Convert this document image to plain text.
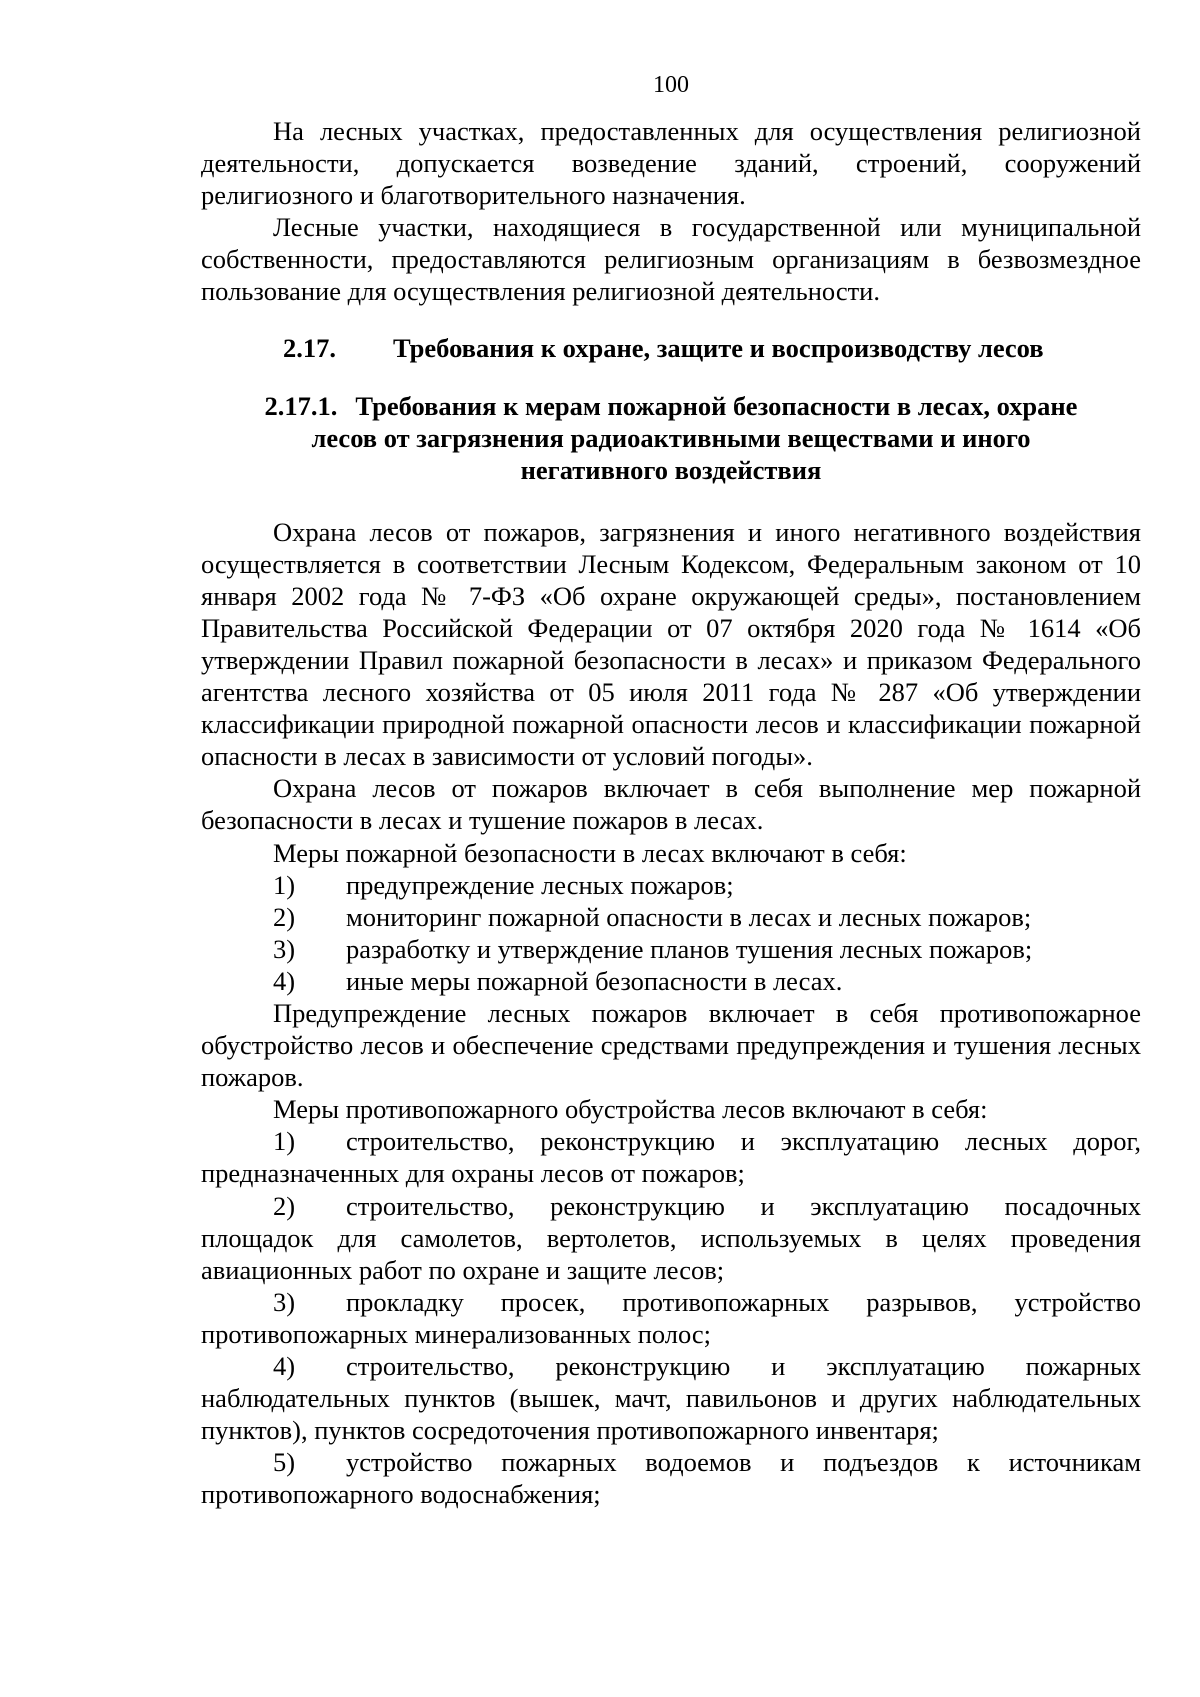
100

На лесных участках, предоставленных для осуществления религиозной деятельности, допускается возведение зданий, строений, сооружений религиозного и благотворительного назначения.

Лесные участки, находящиеся в государственной или муниципальной собственности, предоставляются религиозным организациям в безвозмездное пользование для осуществления религиозной деятельности.

2.17.	Требования к охране, защите и воспроизводству лесов
2.17.1. Требования к мерам пожарной безопасности в лесах, охране
лесов от загрязнения радиоактивными веществами и иного
негативного воздействия

Охрана лесов от пожаров, загрязнения и иного негативного воздействия осуществляется в соответствии Лесным Кодексом, Федеральным законом от 10 января 2002 года № 7-ФЗ «Об охране окружающей среды», постановлением Правительства Российской Федерации от 07 октября 2020 года № 1614 «Об утверждении Правил пожарной безопасности в лесах» и приказом Федерального агентства лесного хозяйства от 05 июля 2011 года № 287 «Об утверждении классификации природной пожарной опасности лесов и классификации пожарной опасности в лесах в зависимости от условий погоды».

Охрана лесов от пожаров включает в себя выполнение мер пожарной безопасности в лесах и тушение пожаров в лесах.

Меры пожарной безопасности в лесах включают в себя:

1)	предупреждение лесных пожаров;
2)	мониторинг пожарной опасности в лесах и лесных пожаров;
3)	разработку и утверждение планов тушения лесных пожаров;
4)	иные меры пожарной безопасности в лесах.

Предупреждение лесных пожаров включает в себя противопожарное обустройство лесов и обеспечение средствами предупреждения и тушения лесных пожаров.

Меры противопожарного обустройства лесов включают в себя:

1) строительство, реконструкцию и эксплуатацию лесных дорог, предназначенных для охраны лесов от пожаров;

2) строительство, реконструкцию и эксплуатацию посадочных площадок для самолетов, вертолетов, используемых в целях проведения авиационных работ по охране и защите лесов;

3) прокладку просек, противопожарных разрывов, устройство противопожарных минерализованных полос;

4) строительство, реконструкцию и эксплуатацию пожарных наблюдательных пунктов (вышек, мачт, павильонов и других наблюдательных пунктов), пунктов сосредоточения противопожарного инвентаря;

5) устройство пожарных водоемов и подъездов к источникам противопожарного водоснабжения;
